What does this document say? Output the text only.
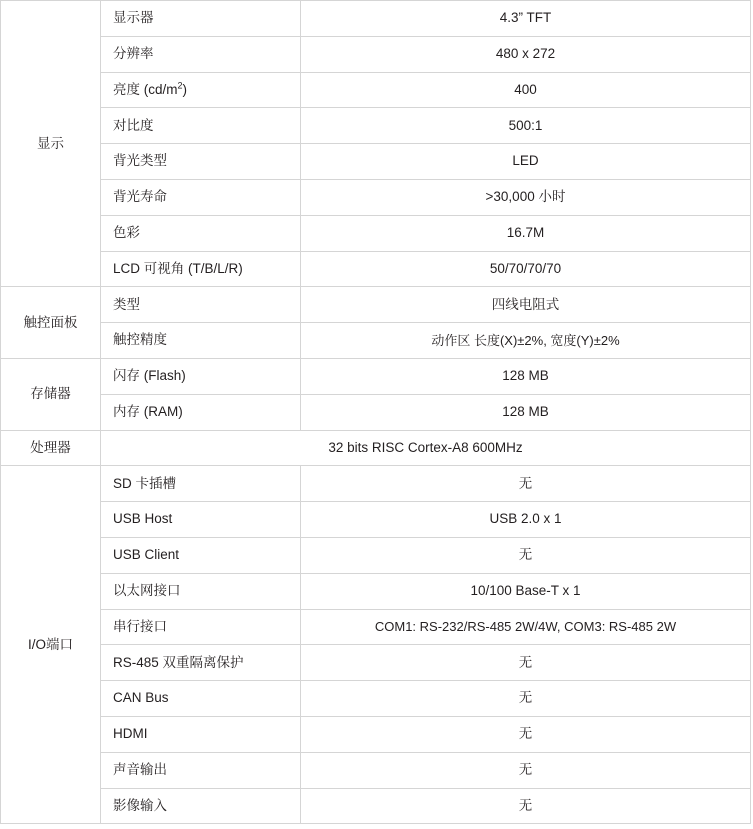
显示	显示器	4.3” TFT
	分辨率	480 x 272
	亮度 $(cd/m^2)$	400
	对比度	500:1
	背光类型	LED
	背光寿命	>30,000 小时
	色彩	16.7M
	LCD 可视角 (T/B/L/R)	50/70/70/70
触控面板	类型	四线电阻式
	触控精度	动作区 长度(X)±2%, 宽度(Y)±2%
存储器	闪存 (Flash)	128 MB
	内存 (RAM)	128 MB
处理器	32 bits RISC Cortex-A8 600MHz	
I/O端口	SD 卡插槽	无
	USB Host	USB 2.0 x 1
	USB Client	无
	以太网接口	10/100 Base-T x 1
	串行接口	COM1: RS-232/RS-485 2W/4W, COM3: RS-485 2W
	RS-485 双重隔离保护	无
	CAN Bus	无
	HDMI	无
	声音输出	无
	影像输入	无
